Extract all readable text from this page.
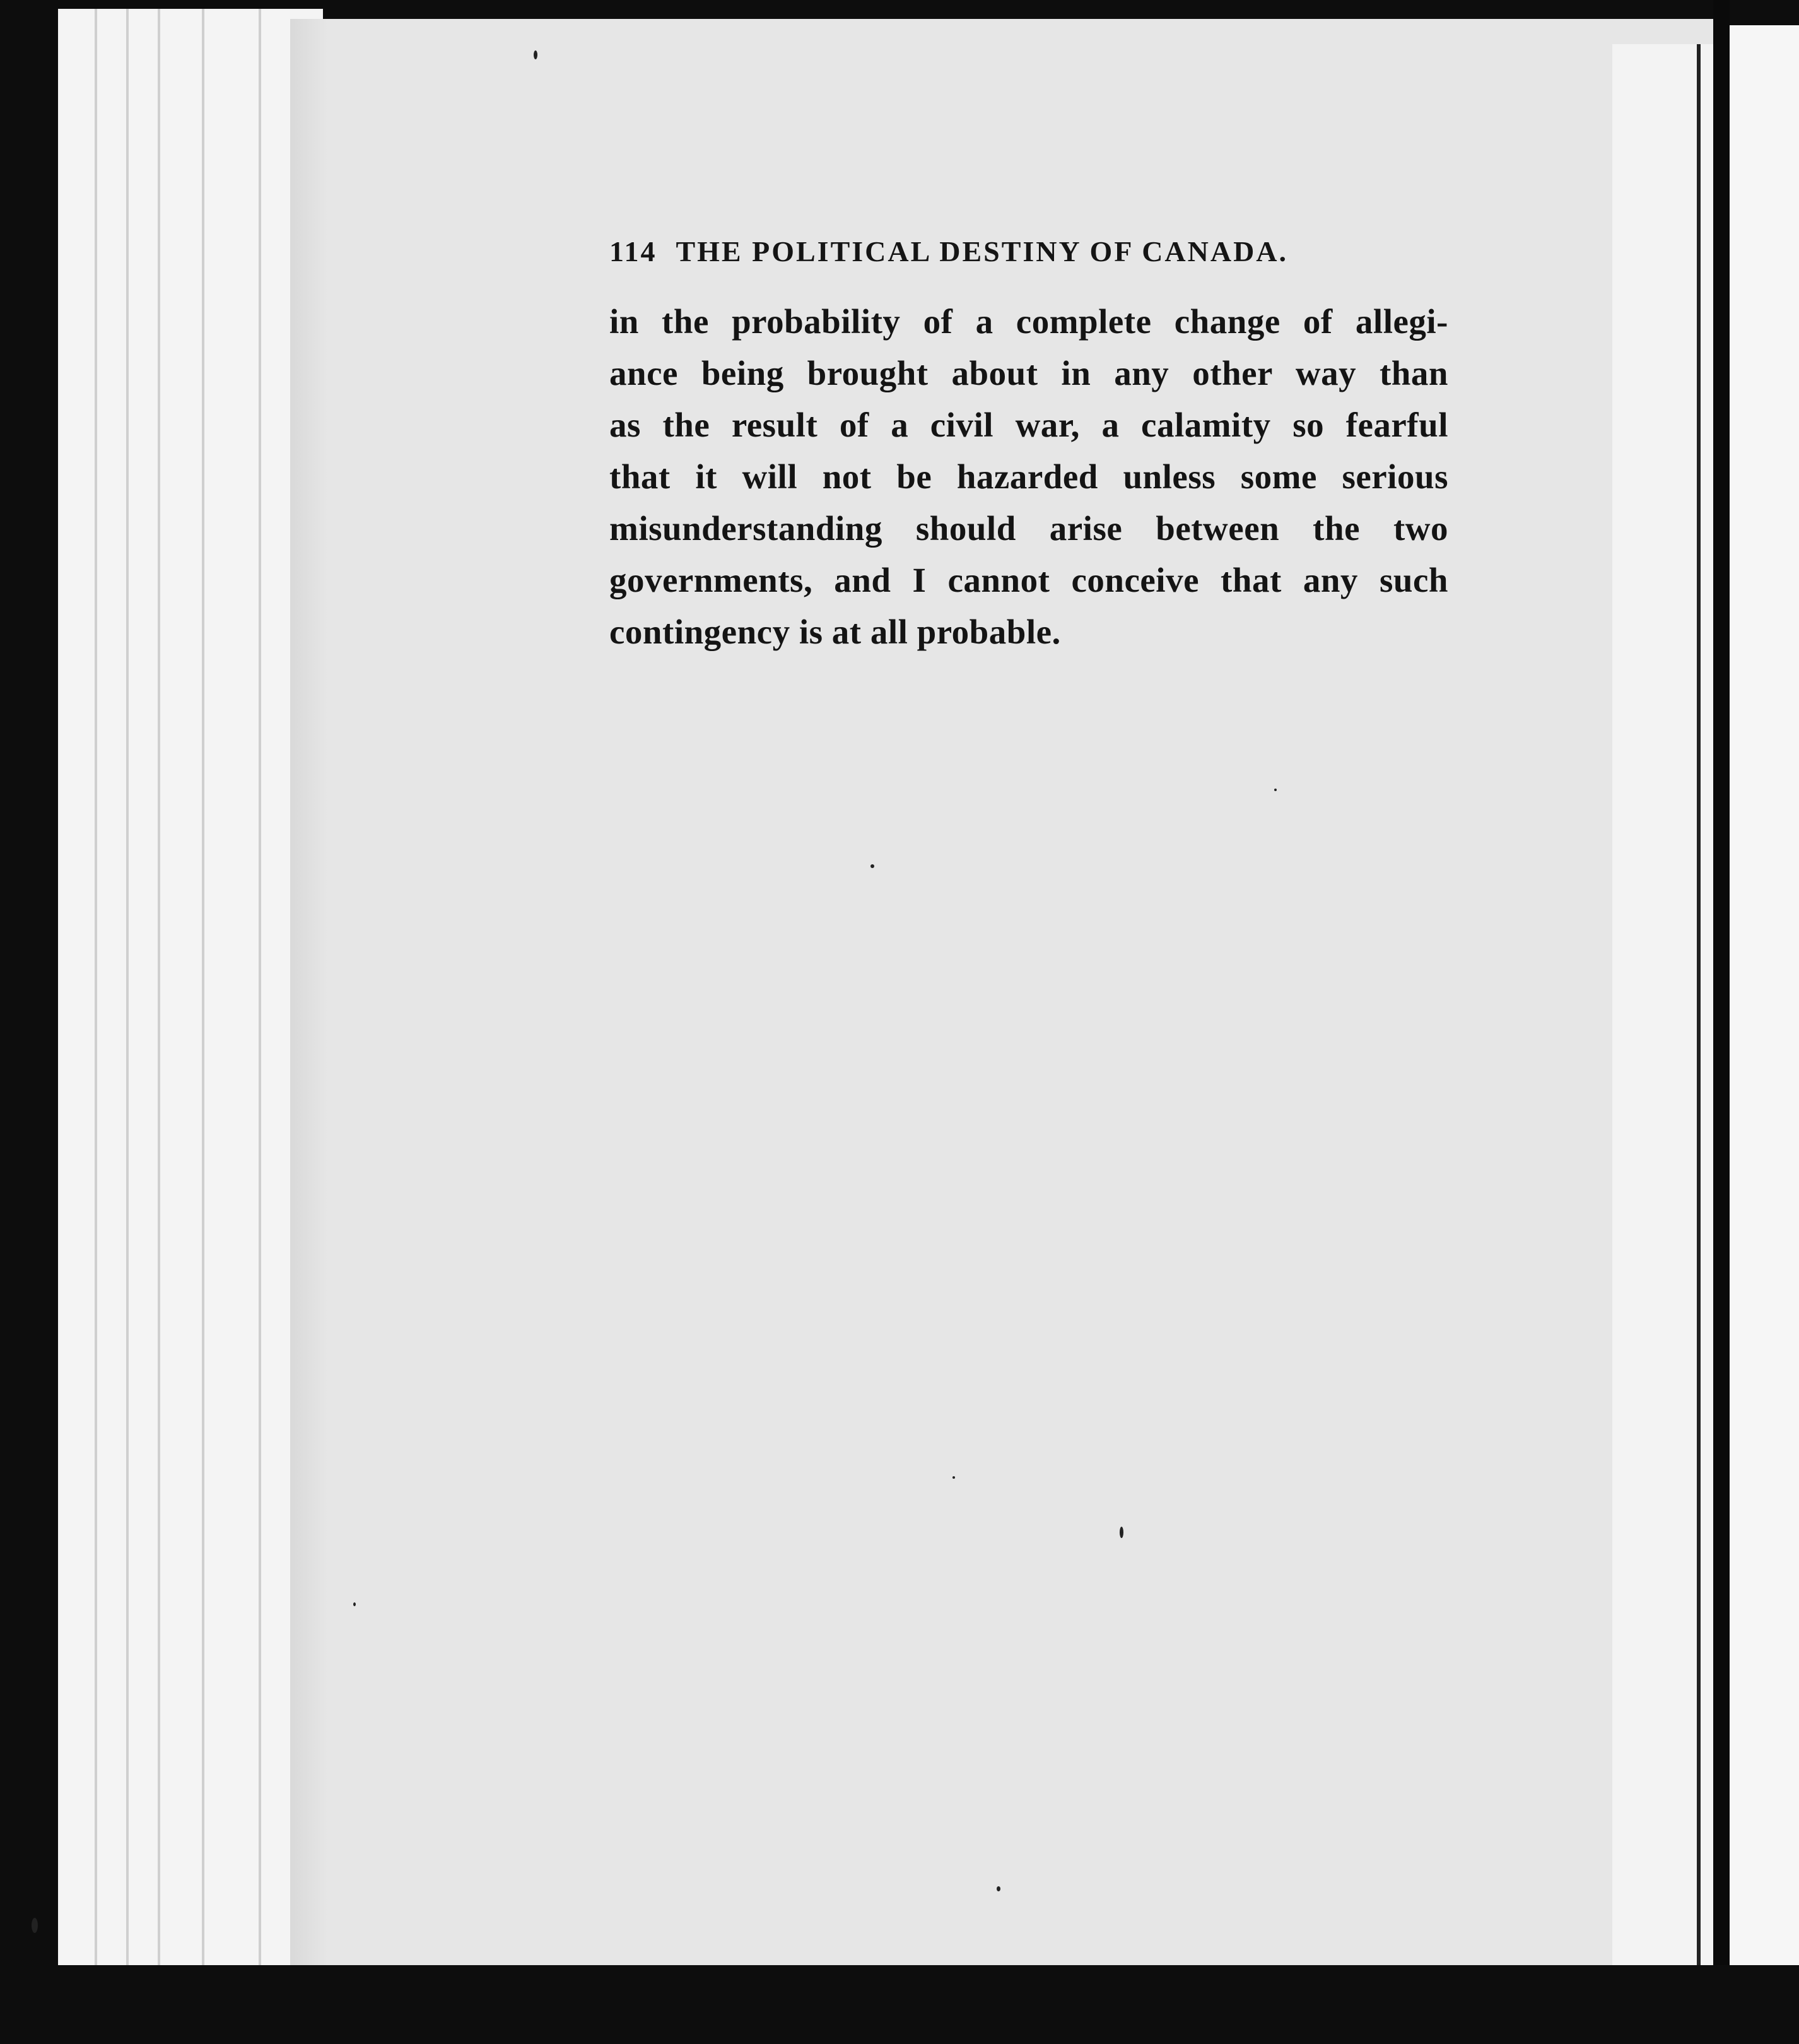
114 THE POLITICAL DESTINY OF CANADA.

in the probability of a complete change of allegi-
ance being brought about in any other way than
as the result of a civil war, a calamity so fearful
that it will not be hazarded unless some serious
misunderstanding should arise between the two
governments, and I cannot conceive that any such
contingency is at all probable.
